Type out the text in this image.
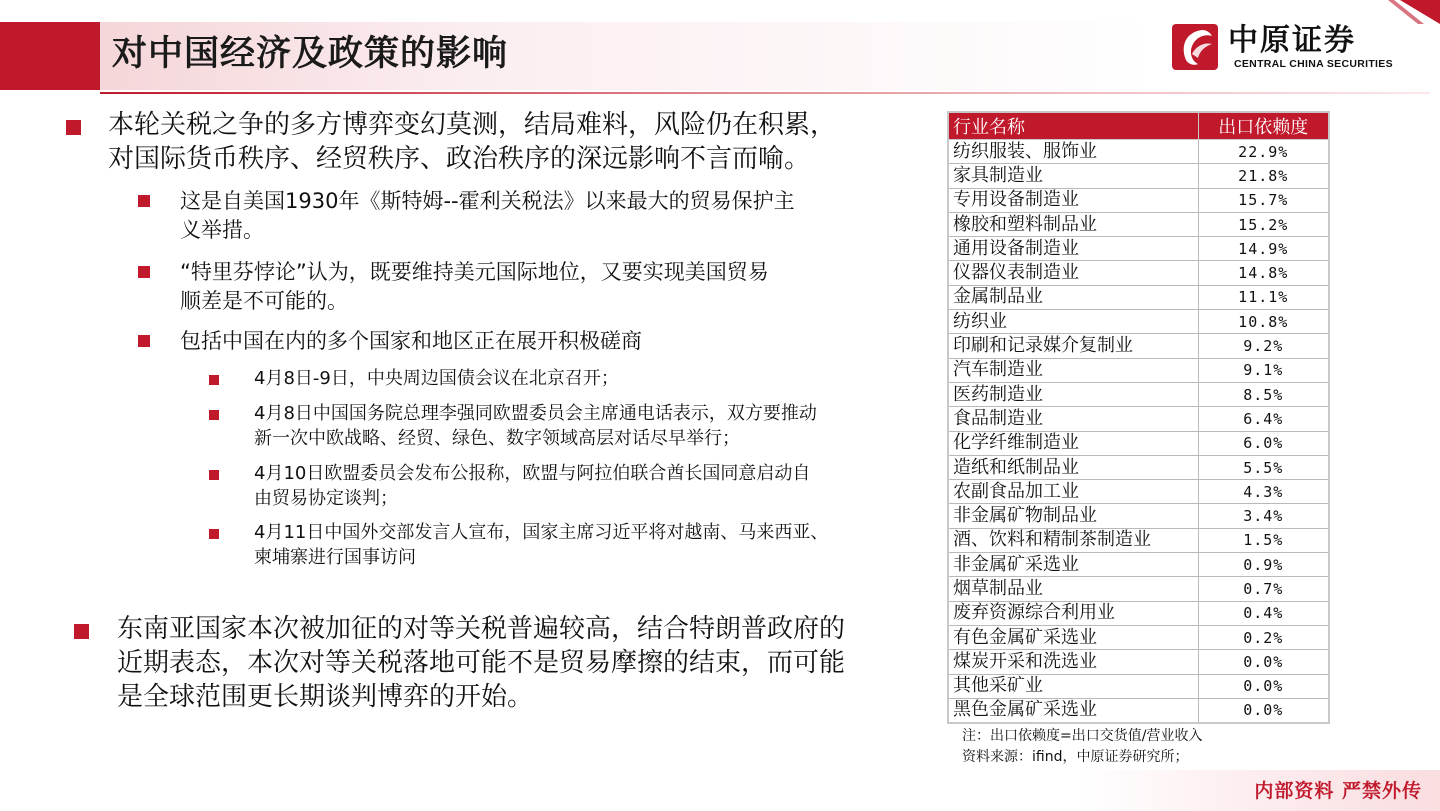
对中国经济及政策的影响	中原证券
CENTRAL CHINA SECURITIES
本轮关税之争的多方博弈变幻莫测，结局难料，风险仍在积累，
对国际货币秩序、经贸秩序、政治秩序的深远影响不言而喻。
这是自美国1930年《斯特姆--霍利关税法》以来最大的贸易保护主
义举措。
“特里芬悖论”认为，既要维持美元国际地位，又要实现美国贸易
顺差是不可能的。
包括中国在内的多个国家和地区正在展开积极磋商
4月8日-9日，中央周边国债会议在北京召开；
4月8日中国国务院总理李强同欧盟委员会主席通电话表示，双方要推动
新一次中欧战略、经贸、绿色、数字领域高层对话尽早举行；
4月10日欧盟委员会发布公报称，欧盟与阿拉伯联合酋长国同意启动自
由贸易协定谈判；
4月11日中国外交部发言人宣布，国家主席习近平将对越南、马来西亚、
柬埔寨进行国事访问
东南亚国家本次被加征的对等关税普遍较高，结合特朗普政府的
近期表态，本次对等关税落地可能不是贸易摩擦的结束，而可能
是全球范围更长期谈判博弈的开始。
行业名称	出口依赖度
纺织服装、服饰业	22.9%
家具制造业	21.8%
专用设备制造业	15.7%
橡胶和塑料制品业	15.2%
通用设备制造业	14.9%
仪器仪表制造业	14.8%
金属制品业	11.1%
纺织业	10.8%
印刷和记录媒介复制业	9.2%
汽车制造业	9.1%
医药制造业	8.5%
食品制造业	6.4%
化学纤维制造业	6.0%
造纸和纸制品业	5.5%
农副食品加工业	4.3%
非金属矿物制品业	3.4%
酒、饮料和精制茶制造业	1.5%
非金属矿采选业	0.9%
烟草制品业	0.7%
废弃资源综合利用业	0.4%
有色金属矿采选业	0.2%
煤炭开采和洗选业	0.0%
其他采矿业	0.0%
黑色金属矿采选业	0.0%
注：出口依赖度=出口交货值/营业收入
资料来源：ifind，中原证券研究所；
内部资料 严禁外传
